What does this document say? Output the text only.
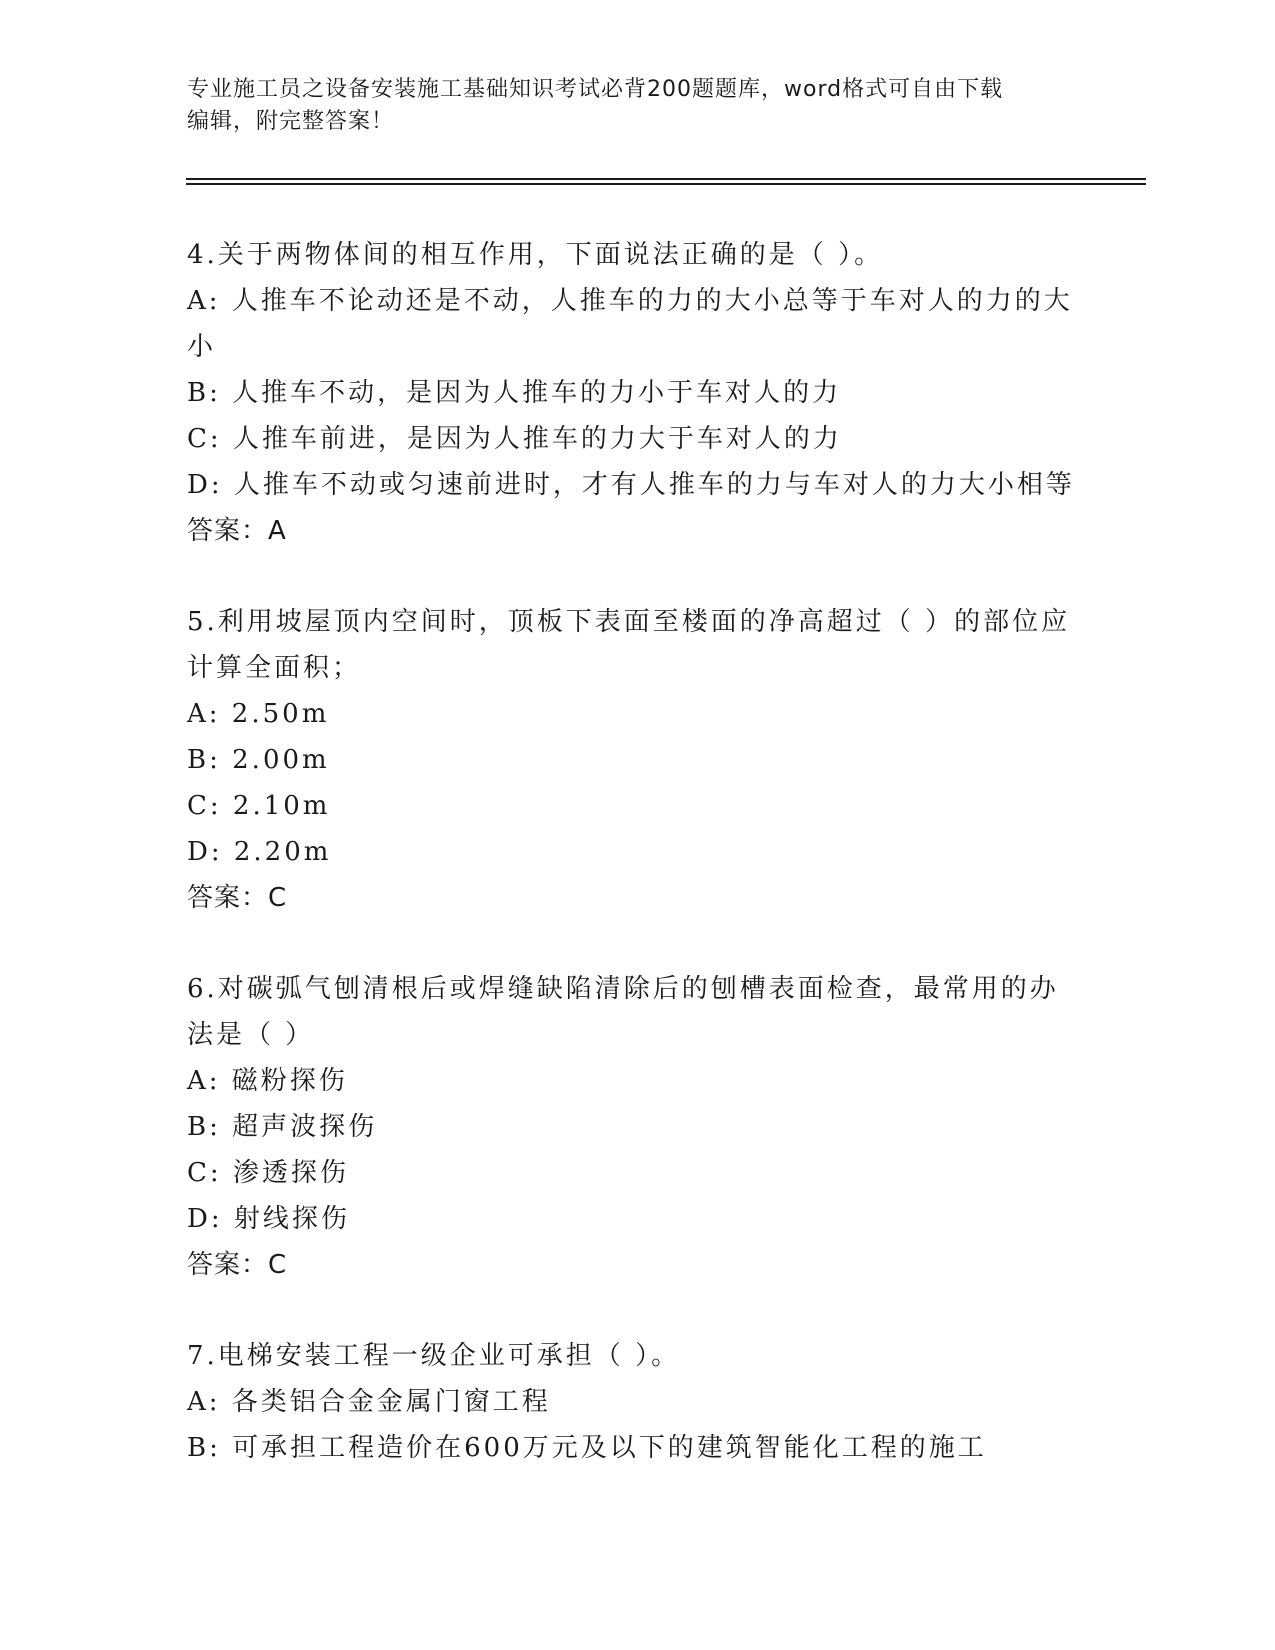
专业施工员之设备安装施工基础知识考试必背200题题库，word格式可自由下载
编辑，附完整答案！
4.关于两物体间的相互作用，下面说法正确的是（ ）。
A: 人推车不论动还是不动，人推车的力的大小总等于车对人的力的大
小
B: 人推车不动，是因为人推车的力小于车对人的力
C: 人推车前进，是因为人推车的力大于车对人的力
D: 人推车不动或匀速前进时，才有人推车的力与车对人的力大小相等
答案：A
5.利用坡屋顶内空间时，顶板下表面至楼面的净高超过（ ）的部位应
计算全面积；
A: 2.50m
B: 2.00m
C: 2.10m
D: 2.20m
答案：C
6.对碳弧气刨清根后或焊缝缺陷清除后的刨槽表面检查，最常用的办
法是（ ）
A: 磁粉探伤
B: 超声波探伤
C: 渗透探伤
D: 射线探伤
答案：C
7.电梯安装工程一级企业可承担（ ）。
A: 各类铝合金金属门窗工程
B: 可承担工程造价在600万元及以下的建筑智能化工程的施工
